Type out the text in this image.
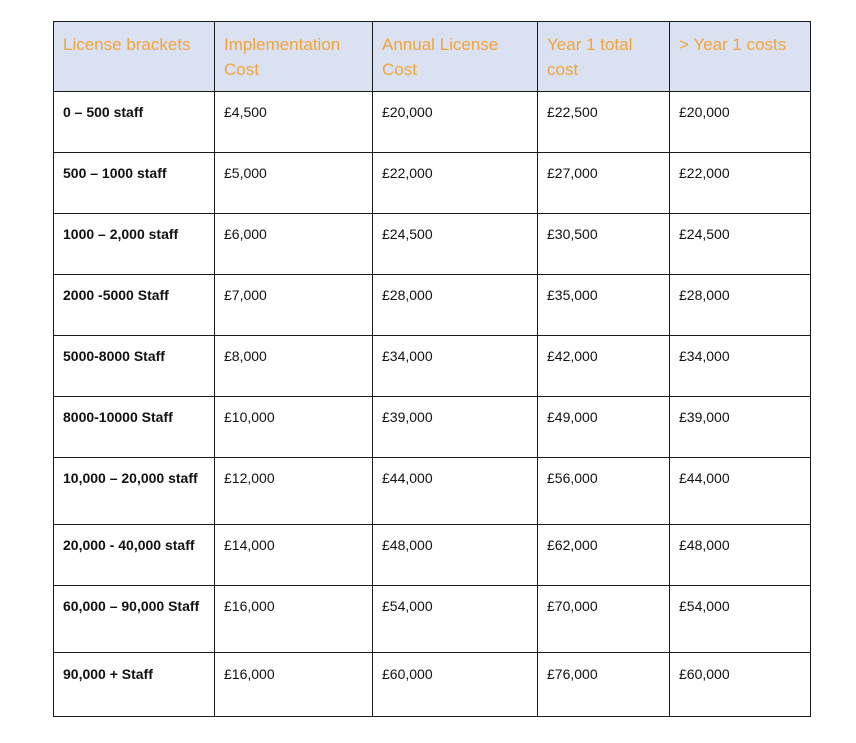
License brackets	Implementation Cost	Annual License Cost	Year 1 total cost	> Year 1 costs
0 – 500 staff	£4,500	£20,000	£22,500	£20,000
500 – 1000 staff	£5,000	£22,000	£27,000	£22,000
1000 – 2,000 staff	£6,000	£24,500	£30,500	£24,500
2000 -5000 Staff	£7,000	£28,000	£35,000	£28,000
5000-8000 Staff	£8,000	£34,000	£42,000	£34,000
8000-10000 Staff	£10,000	£39,000	£49,000	£39,000
10,000 – 20,000 staff	£12,000	£44,000	£56,000	£44,000
20,000 - 40,000 staff	£14,000	£48,000	£62,000	£48,000
60,000 – 90,000 Staff	£16,000	£54,000	£70,000	£54,000
90,000 + Staff	£16,000	£60,000	£76,000	£60,000
